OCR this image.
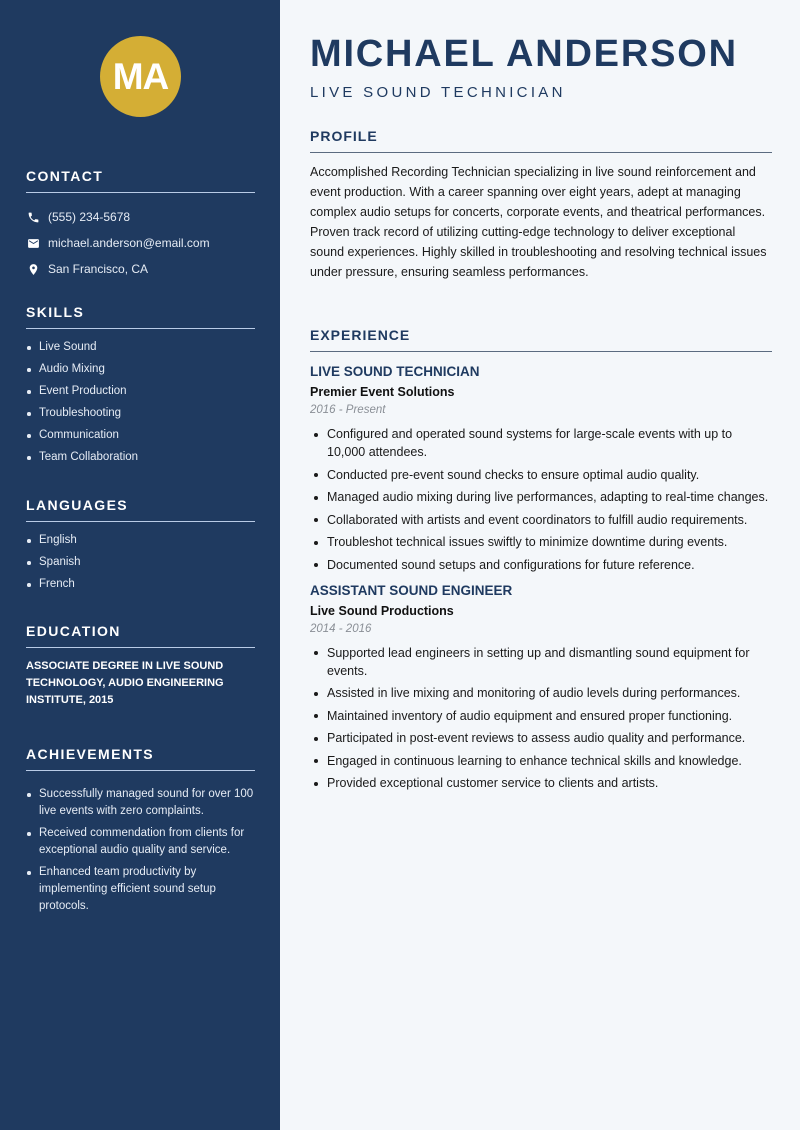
MA
CONTACT
(555) 234-5678
michael.anderson@email.com
San Francisco, CA
SKILLS
Live Sound
Audio Mixing
Event Production
Troubleshooting
Communication
Team Collaboration
LANGUAGES
English
Spanish
French
EDUCATION

ASSOCIATE DEGREE IN LIVE SOUND TECHNOLOGY, AUDIO ENGINEERING INSTITUTE, 2015

ACHIEVEMENTS
Successfully managed sound for over 100 live events with zero complaints.
Received commendation from clients for exceptional audio quality and service.
Enhanced team productivity by implementing efficient sound setup protocols.
MICHAEL ANDERSON
LIVE SOUND TECHNICIAN
PROFILE

Accomplished Recording Technician specializing in live sound reinforcement and event production. With a career spanning over eight years, adept at managing complex audio setups for concerts, corporate events, and theatrical performances. Proven track record of utilizing cutting-edge technology to deliver exceptional sound experiences. Highly skilled in troubleshooting and resolving technical issues under pressure, ensuring seamless performances.

EXPERIENCE
LIVE SOUND TECHNICIAN
Premier Event Solutions
2016 - Present
Configured and operated sound systems for large-scale events with up to 10,000 attendees.
Conducted pre-event sound checks to ensure optimal audio quality.
Managed audio mixing during live performances, adapting to real-time changes.
Collaborated with artists and event coordinators to fulfill audio requirements.
Troubleshot technical issues swiftly to minimize downtime during events.
Documented sound setups and configurations for future reference.
ASSISTANT SOUND ENGINEER
Live Sound Productions
2014 - 2016
Supported lead engineers in setting up and dismantling sound equipment for events.
Assisted in live mixing and monitoring of audio levels during performances.
Maintained inventory of audio equipment and ensured proper functioning.
Participated in post-event reviews to assess audio quality and performance.
Engaged in continuous learning to enhance technical skills and knowledge.
Provided exceptional customer service to clients and artists.
